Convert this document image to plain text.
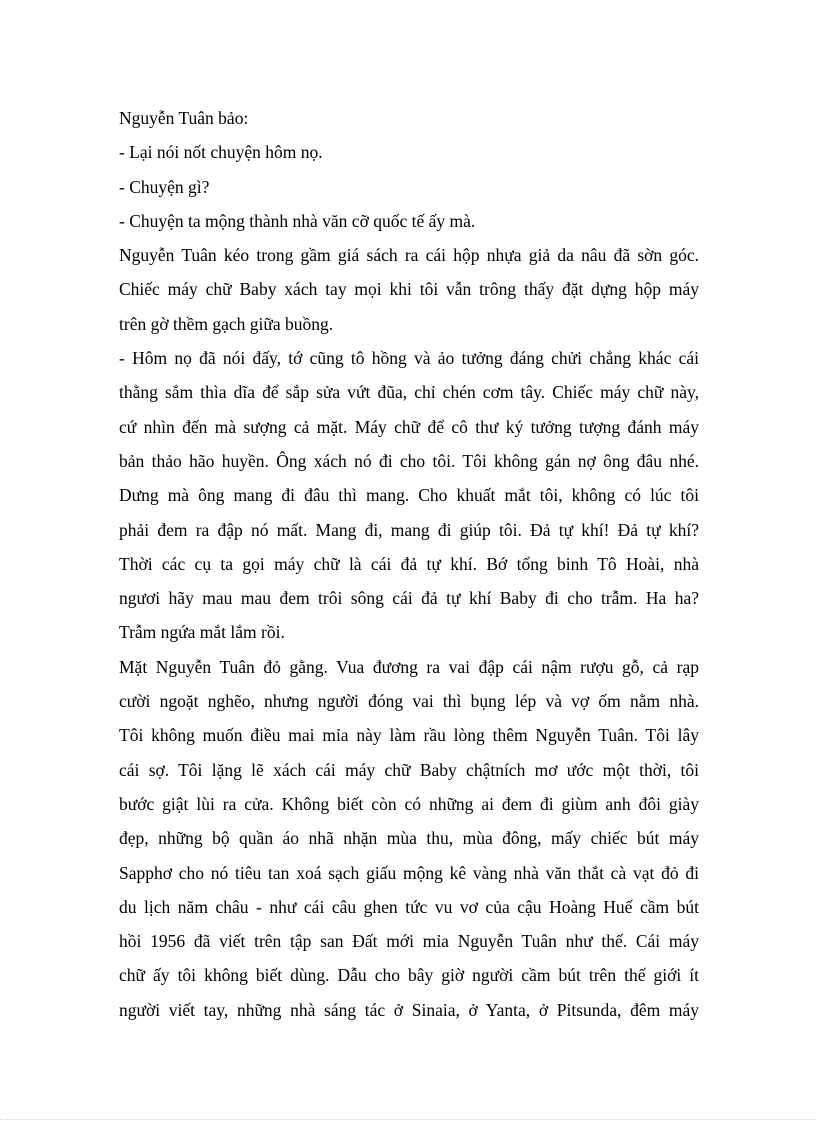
Nguyễn Tuân bảo:
- Lại nói nốt chuyện hôm nọ.
- Chuyện gì?
- Chuyện ta mộng thành nhà văn cỡ quốc tế ấy mà.
Nguyễn Tuân kéo trong gầm giá sách ra cái hộp nhựa giả da nâu đã sờn góc.
Chiếc máy chữ Baby xách tay mọi khi tôi vẫn trông thấy đặt dựng hộp máy
trên gờ thềm gạch giữa buồng.
- Hôm nọ đã nói đấy, tớ cũng tô hồng và ảo tưởng đáng chửi chẳng khác cái
thằng sắm thìa dĩa để sắp sửa vứt đũa, chỉ chén cơm tây. Chiếc máy chữ này,
cứ nhìn đến mà sượng cả mặt. Máy chữ để cô thư ký tưởng tượng đánh máy
bản thảo hão huyền. Ông xách nó đi cho tôi. Tôi không gán nợ ông đâu nhé.
Dưng mà ông mang đi đâu thì mang. Cho khuất mắt tôi, không có lúc tôi
phải đem ra đập nó mất. Mang đi, mang đi giúp tôi. Đả tự khí! Đả tự khí?
Thời các cụ ta gọi máy chữ là cái đả tự khí. Bớ tổng binh Tô Hoài, nhà
ngươi hãy mau mau đem trôi sông cái đả tự khí Baby đi cho trẫm. Ha ha?
Trẫm ngứa mắt lắm rồi.
Mặt Nguyễn Tuân đỏ gằng. Vua đương ra vai đập cái nậm rượu gỗ, cả rạp
cười ngoặt nghẽo, nhưng người đóng vai thì bụng lép và vợ ốm nằm nhà.
Tôi không muốn điều mai mỉa này làm rầu lòng thêm Nguyễn Tuân. Tôi lây
cái sợ. Tôi lặng lẽ xách cái máy chữ Baby chậtních mơ ước một thời, tôi
bước giật lùi ra cửa. Không biết còn có những ai đem đi giùm anh đôi giày
đẹp, những bộ quần áo nhã nhặn mùa thu, mùa đông, mấy chiếc bút máy
Sapphơ cho nó tiêu tan xoá sạch giấu mộng kê vàng nhà văn thắt cà vạt đỏ đi
du lịch năm châu - như cái câu ghen tức vu vơ của cậu Hoàng Huế cầm bút
hồi 1956 đã viết trên tập san Đất mới mỉa Nguyễn Tuân như thế. Cái máy
chữ ấy tôi không biết dùng. Dẫu cho bây giờ người cầm bút trên thế giới ít
người viết tay, những nhà sáng tác ở Sinaia, ở Yanta, ở Pitsunda, đêm máy
